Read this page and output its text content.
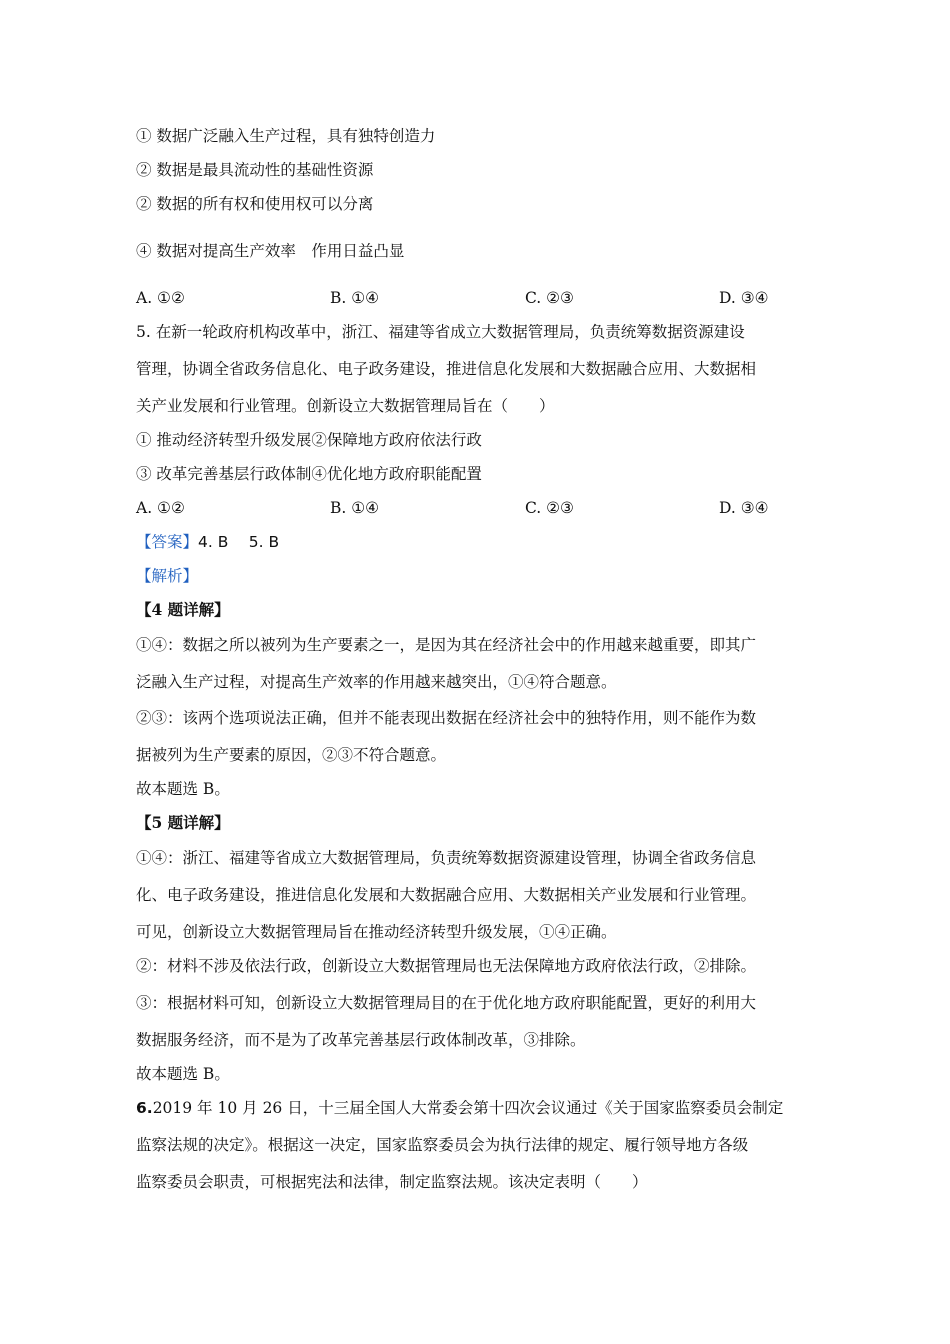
① 数据广泛融入生产过程，具有独特创造力
② 数据是最具流动性的基础性资源
② 数据的所有权和使用权可以分离
④ 数据对提高生产效率　作用日益凸显
A. ①②	B. ①④	C. ②③	D. ③④
5. 在新一轮政府机构改革中，浙江、福建等省成立大数据管理局，负责统筹数据资源建设
管理，协调全省政务信息化、电子政务建设，推进信息化发展和大数据融合应用、大数据相
关产业发展和行业管理。创新设立大数据管理局旨在（　　）
① 推动经济转型升级发展②保障地方政府依法行政
③ 改革完善基层行政体制④优化地方政府职能配置
A. ①②	B. ①④	C. ②③	D. ③④
【答案】4. B　 5. B
【解析】
【4 题详解】
①④：数据之所以被列为生产要素之一，是因为其在经济社会中的作用越来越重要，即其广
泛融入生产过程，对提高生产效率的作用越来越突出，①④符合题意。
②③：该两个选项说法正确，但并不能表现出数据在经济社会中的独特作用，则不能作为数
据被列为生产要素的原因，②③不符合题意。
故本题选 B。
【5 题详解】
①④：浙江、福建等省成立大数据管理局，负责统筹数据资源建设管理，协调全省政务信息
化、电子政务建设，推进信息化发展和大数据融合应用、大数据相关产业发展和行业管理。
可见，创新设立大数据管理局旨在推动经济转型升级发展，①④正确。
②：材料不涉及依法行政，创新设立大数据管理局也无法保障地方政府依法行政，②排除。
③：根据材料可知，创新设立大数据管理局目的在于优化地方政府职能配置，更好的利用大
数据服务经济，而不是为了改革完善基层行政体制改革，③排除。
故本题选 B。
6.2019 年 10 月 26 日，十三届全国人大常委会第十四次会议通过《关于国家监察委员会制定
监察法规的决定》。根据这一决定，国家监察委员会为执行法律的规定、履行领导地方各级
监察委员会职责，可根据宪法和法律，制定监察法规。该决定表明（　　）
